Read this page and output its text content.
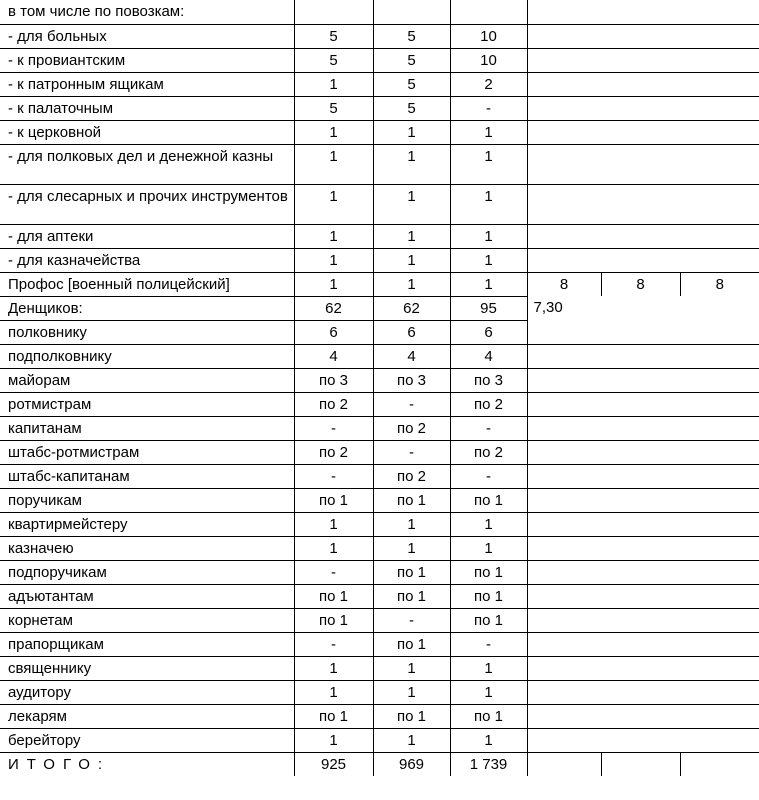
в том числе по повозкам:						
- для больных	5	5	10			
- к провиантским	5	5	10			
- к патронным ящикам	1	5	2			
- к палаточным	5	5	-			
- к церковной	1	1	1			
- для полковых дел и денежной казны	1	1	1			
- для слесарных и прочих инструментов	1	1	1			
- для аптеки	1	1	1			
- для казначейства	1	1	1			
Профос [военный полицейский]	1	1	1	8	8	8
Денщиков:	62	62	95	7,30		
полковнику	6	6	6			
подполковнику	4	4	4			
майорам	по 3	по 3	по 3			
ротмистрам	по 2	-	по 2			
капитанам	-	по 2	-			
штабс-ротмистрам	по 2	-	по 2			
штабс-капитанам	-	по 2	-			
поручикам	по 1	по 1	по 1			
квартирмейстеру	1	1	1			
казначею	1	1	1			
подпоручикам	-	по 1	по 1			
адъютантам	по 1	по 1	по 1			
корнетам	по 1	-	по 1			
прапорщикам	-	по 1	-			
священнику	1	1	1			
аудитору	1	1	1			
лекарям	по 1	по 1	по 1			
берейтору	1	1	1			
ИТОГО:	925	969	1 739			
